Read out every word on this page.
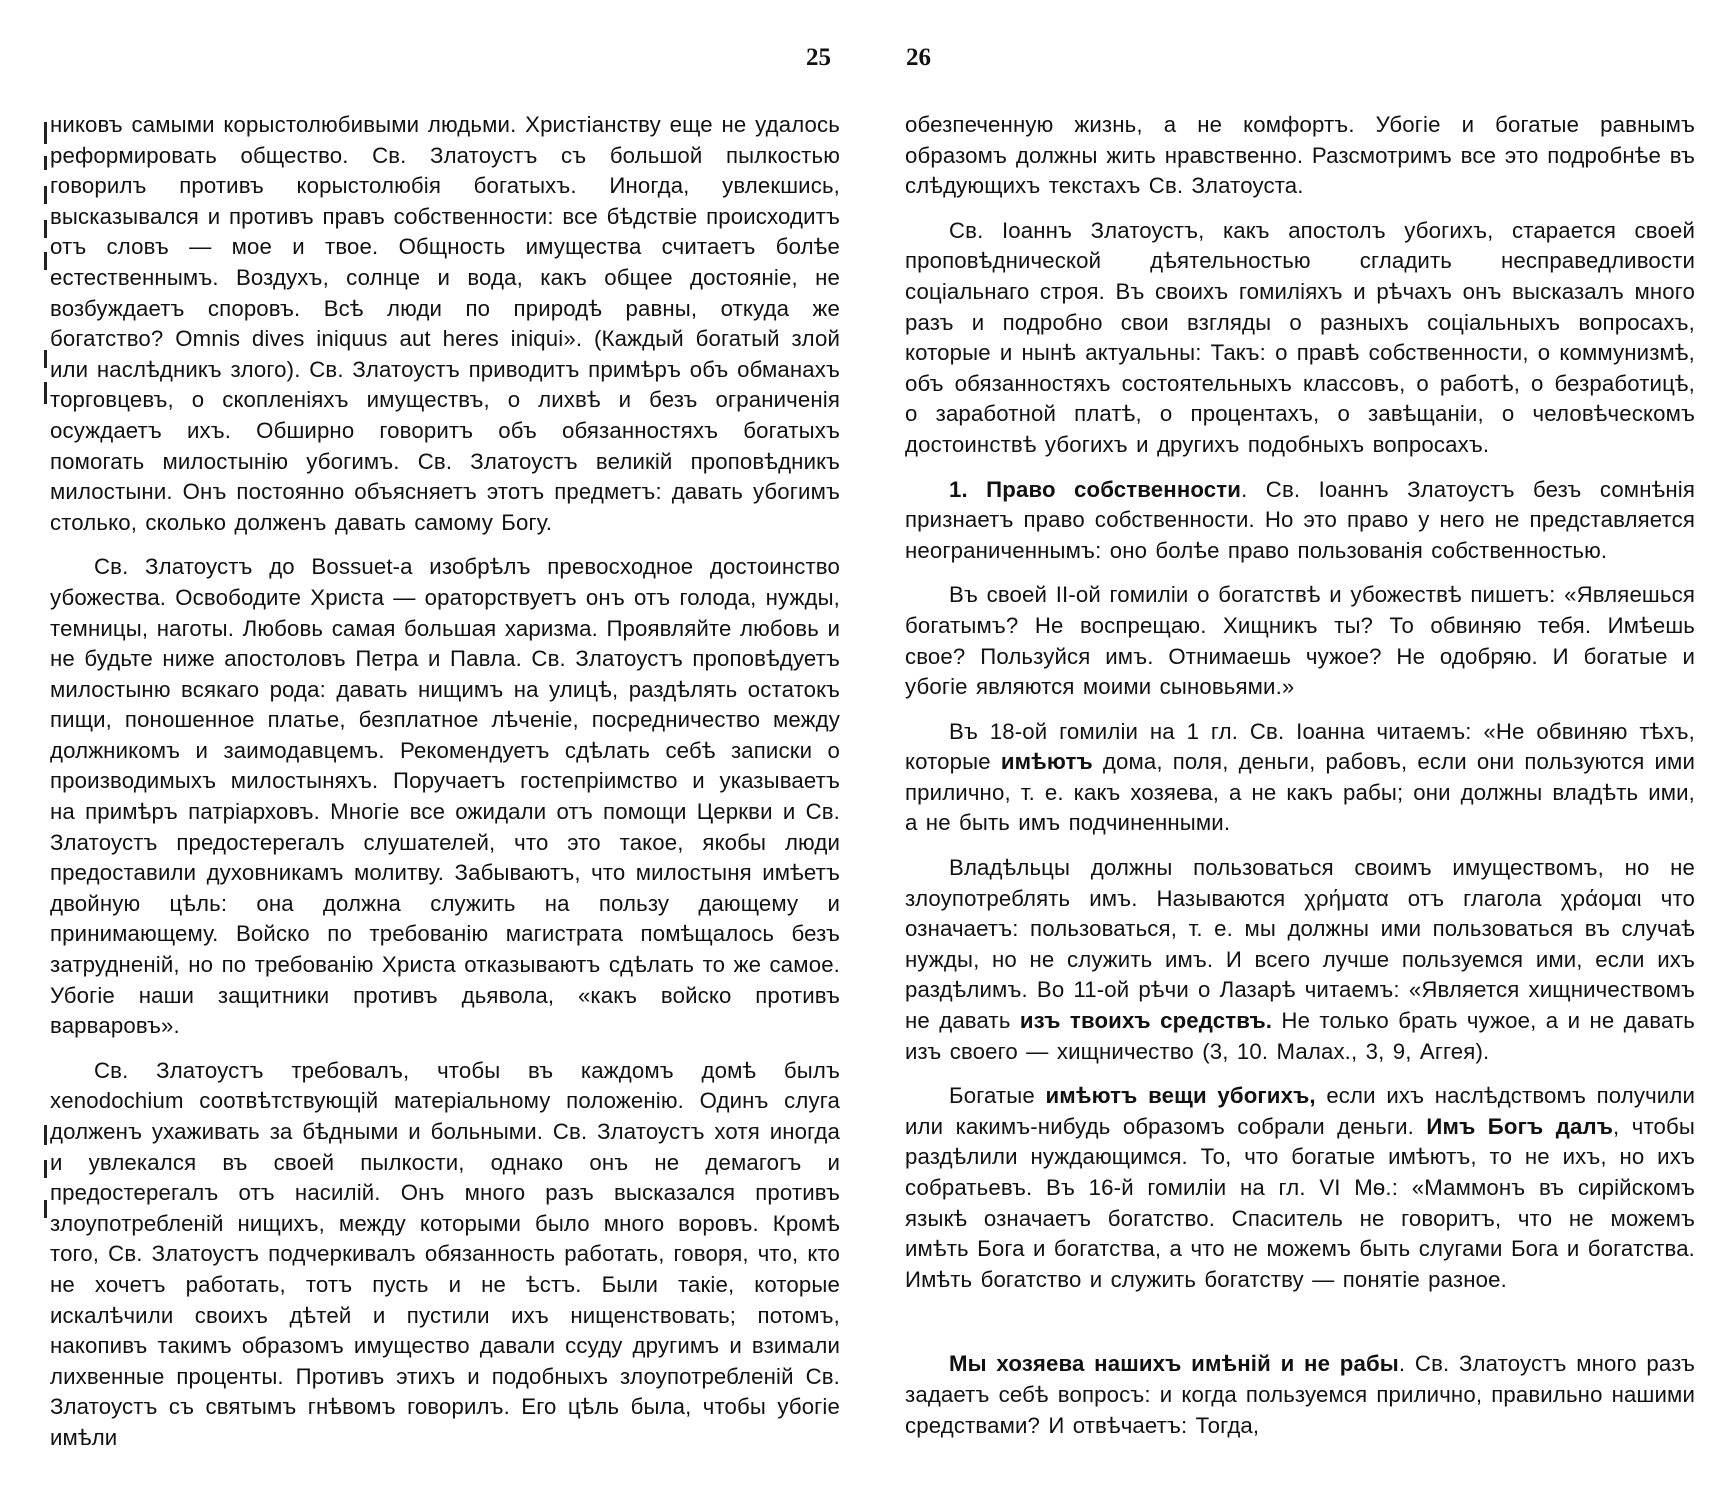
25	26

никовъ самыми корыстолюбивыми людьми. Христіанству еще не удалось реформировать общество. Св. Златоустъ съ большой пылкостью говорилъ противъ корыстолюбія богатыхъ. Иногда, увлекшись, высказывался и противъ правъ собственности: все бѣдствіе происходитъ отъ словъ — мое и твое. Общность имущества считаетъ болѣе естественнымъ. Воздухъ, солнце и вода, какъ общее достояніе, не возбуждаетъ споровъ. Всѣ люди по природѣ равны, откуда же богатство? Omnis dives iniquus aut heres iniqui». (Каждый богатый злой или наслѣдникъ злого). Св. Златоустъ приводитъ примѣръ объ обманахъ торговцевъ, о скопленіяхъ имуществъ, о лихвѣ и безъ ограниченія осуждаетъ ихъ. Обширно говоритъ объ обязанностяхъ богатыхъ помогать милостынію убогимъ. Св. Златоустъ великій проповѣдникъ милостыни. Онъ постоянно объясняетъ этотъ предметъ: давать убогимъ столько, сколько долженъ давать самому Богу.

Св. Златоустъ до Bossuet-а изобрѣлъ превосходное достоинство убожества. Освободите Христа — ораторствуетъ онъ отъ голода, нужды, темницы, наготы. Любовь самая большая харизма. Проявляйте любовь и не будьте ниже апостоловъ Петра и Павла. Св. Златоустъ проповѣдуетъ милостыню всякаго рода: давать нищимъ на улицѣ, раздѣлять остатокъ пищи, поношенное платье, безплатное лѣченіе, посредничество между должникомъ и заимодавцемъ. Рекомендуетъ сдѣлать себѣ записки о производимыхъ милостыняхъ. Поручаетъ гостепріимство и указываетъ на примѣръ патріарховъ. Многіе все ожидали отъ помощи Церкви и Св. Златоустъ предостерегалъ слушателей, что это такое, якобы люди предоставили духовникамъ молитву. Забываютъ, что милостыня имѣетъ двойную цѣль: она должна служить на пользу дающему и принимающему. Войско по требованію магистрата помѣщалось безъ затрудненій, но по требованію Христа отказываютъ сдѣлать то же самое. Убогіе наши защитники противъ дьявола, «какъ войско противъ варваровъ».

Св. Златоустъ требовалъ, чтобы въ каждомъ домѣ былъ xenodochium соотвѣтствующій матеріальному положенію. Одинъ слуга долженъ ухаживать за бѣдными и больными. Св. Златоустъ хотя иногда и увлекался въ своей пылкости, однако онъ не демагогъ и предостерегалъ отъ насилій. Онъ много разъ высказался противъ злоупотребленій нищихъ, между которыми было много воровъ. Кромѣ того, Св. Златоустъ подчеркивалъ обязанность работать, говоря, что, кто не хочетъ работать, тотъ пусть и не ѣстъ. Были такіе, которые искалѣчили своихъ дѣтей и пустили ихъ нищенствовать; потомъ, накопивъ такимъ образомъ имущество давали ссуду другимъ и взимали лихвенные проценты. Противъ этихъ и подобныхъ злоупотребленій Св. Златоустъ съ святымъ гнѣвомъ говорилъ. Его цѣль была, чтобы убогіе имѣли

обезпеченную жизнь, а не комфортъ. Убогіе и богатые равнымъ образомъ должны жить нравственно. Разсмотримъ все это подробнѣе въ слѣдующихъ текстахъ Св. Златоуста.

Св. Іоаннъ Златоустъ, какъ апостолъ убогихъ, старается своей проповѣднической дѣятельностью сгладить несправедливости соціальнаго строя. Въ своихъ гомиліяхъ и рѣчахъ онъ высказалъ много разъ и подробно свои взгляды о разныхъ соціальныхъ вопросахъ, которые и нынѣ актуальны: Такъ: о правѣ собственности, о коммунизмѣ, объ обязанностяхъ состоятельныхъ классовъ, о работѣ, о безработицѣ, о заработной платѣ, о процентахъ, о завѣщаніи, о человѣческомъ достоинствѣ убогихъ и другихъ подобныхъ вопросахъ.

1. Право собственности. Св. Іоаннъ Златоустъ безъ сомнѣнія признаетъ право собственности. Но это право у него не представляется неограниченнымъ: оно болѣе право пользованія собственностью.

Въ своей II-ой гомиліи о богатствѣ и убожествѣ пишетъ: «Являешься богатымъ? Не воспрещаю. Хищникъ ты? То обвиняю тебя. Имѣешь свое? Пользуйся имъ. Отнимаешь чужое? Не одобряю. И богатые и убогіе являются моими сыновьями.»

Въ 18-ой гомиліи на 1 гл. Св. Іоанна читаемъ: «Не обвиняю тѣхъ, которые имѣютъ дома, поля, деньги, рабовъ, если они пользуются ими прилично, т. е. какъ хозяева, а не какъ рабы; они должны владѣть ими, а не быть имъ подчиненными.

Владѣльцы должны пользоваться своимъ имуществомъ, но не злоупотреблять имъ. Называются χρήματα отъ глагола χράομαι что означаетъ: пользоваться, т. е. мы должны ими пользоваться въ случаѣ нужды, но не служить имъ. И всего лучше пользуемся ими, если ихъ раздѣлимъ. Во 11-ой рѣчи о Лазарѣ читаемъ: «Является хищничествомъ не давать изъ твоихъ средствъ. Не только брать чужое, а и не давать изъ своего — хищничество (3, 10. Малах., 3, 9, Аггея).

Богатые имѣютъ вещи убогихъ, если ихъ наслѣдствомъ получили или какимъ-нибудь образомъ собрали деньги. Имъ Богъ далъ, чтобы раздѣлили нуждающимся. То, что богатые имѣютъ, то не ихъ, но ихъ собратьевъ. Въ 16-й гомиліи на гл. VI Мѳ.: «Маммонъ въ сирійскомъ языкѣ означаетъ богатство. Спаситель не говоритъ, что не можемъ имѣть Бога и богатства, а что не можемъ быть слугами Бога и богатства. Имѣть богатство и служить богатству — понятіе разное.

Мы хозяева нашихъ имѣній и не рабы. Св. Златоустъ много разъ задаетъ себѣ вопросъ: и когда пользуемся прилично, правильно нашими средствами? И отвѣчаетъ: Тогда,
